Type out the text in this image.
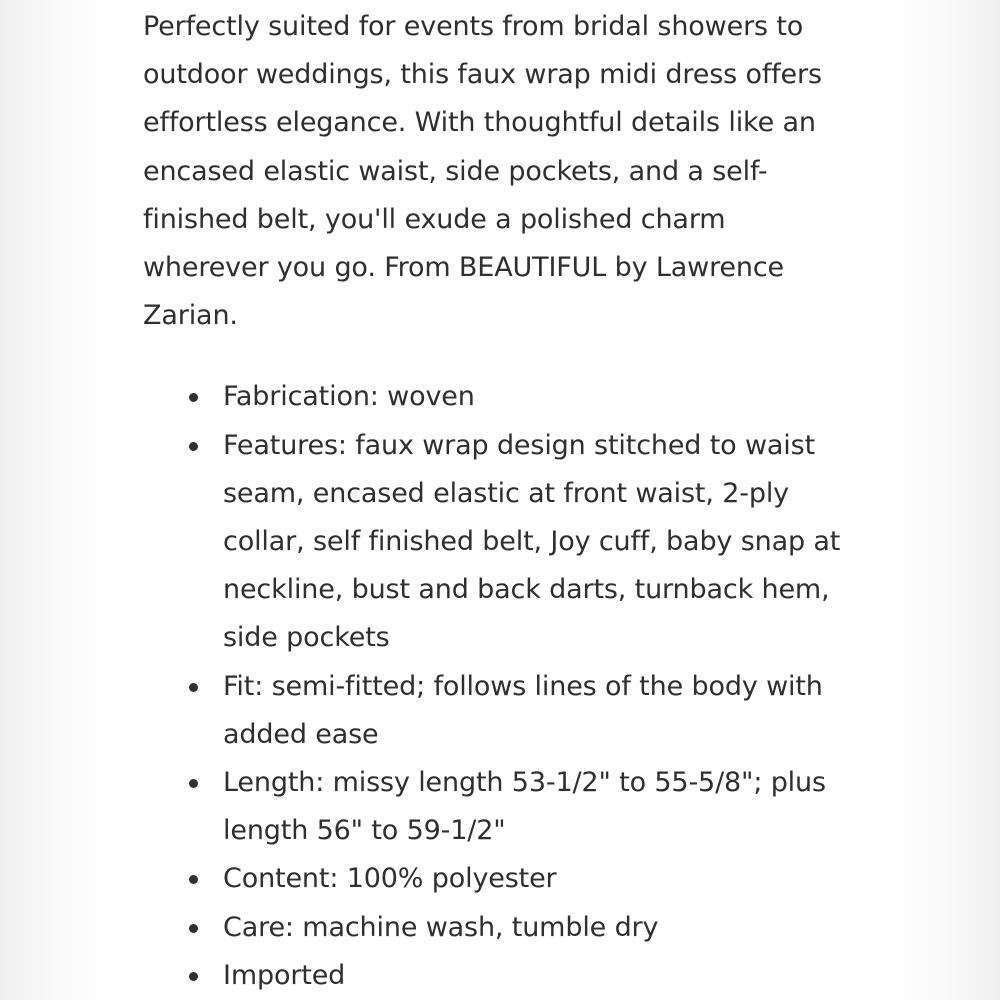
Perfectly suited for events from bridal showers to
outdoor weddings, this faux wrap midi dress offers
effortless elegance. With thoughtful details like an
encased elastic waist, side pockets, and a self-
finished belt, you'll exude a polished charm
wherever you go. From BEAUTIFUL by Lawrence
Zarian.

Fabrication: woven
Features: faux wrap design stitched to waist
seam, encased elastic at front waist, 2-ply
collar, self finished belt, Joy cuff, baby snap at
neckline, bust and back darts, turnback hem,
side pockets
Fit: semi-fitted; follows lines of the body with
added ease
Length: missy length 53-1/2" to 55-5/8"; plus
length 56" to 59-1/2"
Content: 100% polyester
Care: machine wash, tumble dry
Imported
